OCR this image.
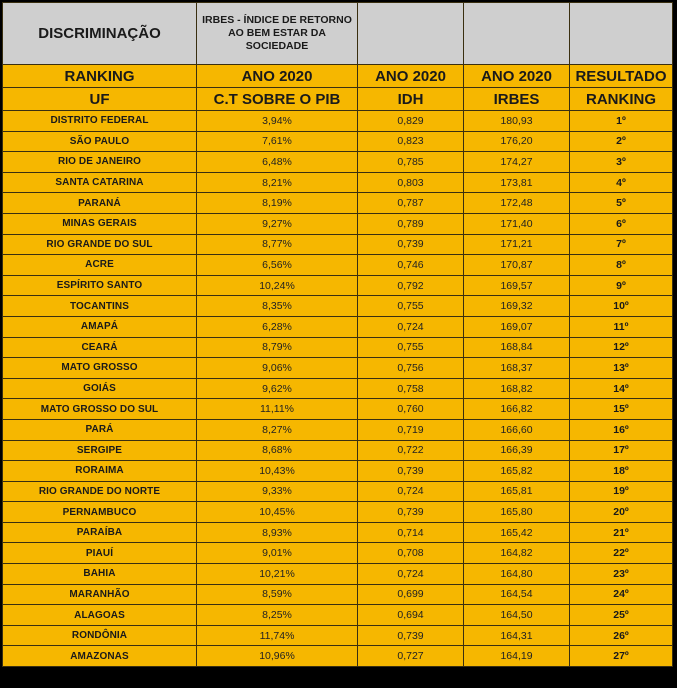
DISCRIMINAÇÃO	IRBES - ÍNDICE DE RETORNO AO BEM ESTAR DA SOCIEDADE			
RANKING	ANO 2020	ANO 2020	ANO 2020	RESULTADO
UF	C.T SOBRE O PIB	IDH	IRBES	RANKING
DISTRITO FEDERAL	3,94%	0,829	180,93	1º
SÃO PAULO	7,61%	0,823	176,20	2º
RIO DE JANEIRO	6,48%	0,785	174,27	3º
SANTA CATARINA	8,21%	0,803	173,81	4º
PARANÁ	8,19%	0,787	172,48	5º
MINAS GERAIS	9,27%	0,789	171,40	6º
RIO GRANDE DO SUL	8,77%	0,739	171,21	7º
ACRE	6,56%	0,746	170,87	8º
ESPÍRITO SANTO	10,24%	0,792	169,57	9º
TOCANTINS	8,35%	0,755	169,32	10º
AMAPÁ	6,28%	0,724	169,07	11º
CEARÁ	8,79%	0,755	168,84	12º
MATO GROSSO	9,06%	0,756	168,37	13º
GOIÁS	9,62%	0,758	168,82	14º
MATO GROSSO DO SUL	11,11%	0,760	166,82	15º
PARÁ	8,27%	0,719	166,60	16º
SERGIPE	8,68%	0,722	166,39	17º
RORAIMA	10,43%	0,739	165,82	18º
RIO GRANDE DO NORTE	9,33%	0,724	165,81	19º
PERNAMBUCO	10,45%	0,739	165,80	20º
PARAÍBA	8,93%	0,714	165,42	21º
PIAUÍ	9,01%	0,708	164,82	22º
BAHIA	10,21%	0,724	164,80	23º
MARANHÃO	8,59%	0,699	164,54	24º
ALAGOAS	8,25%	0,694	164,50	25º
RONDÔNIA	11,74%	0,739	164,31	26º
AMAZONAS	10,96%	0,727	164,19	27º
